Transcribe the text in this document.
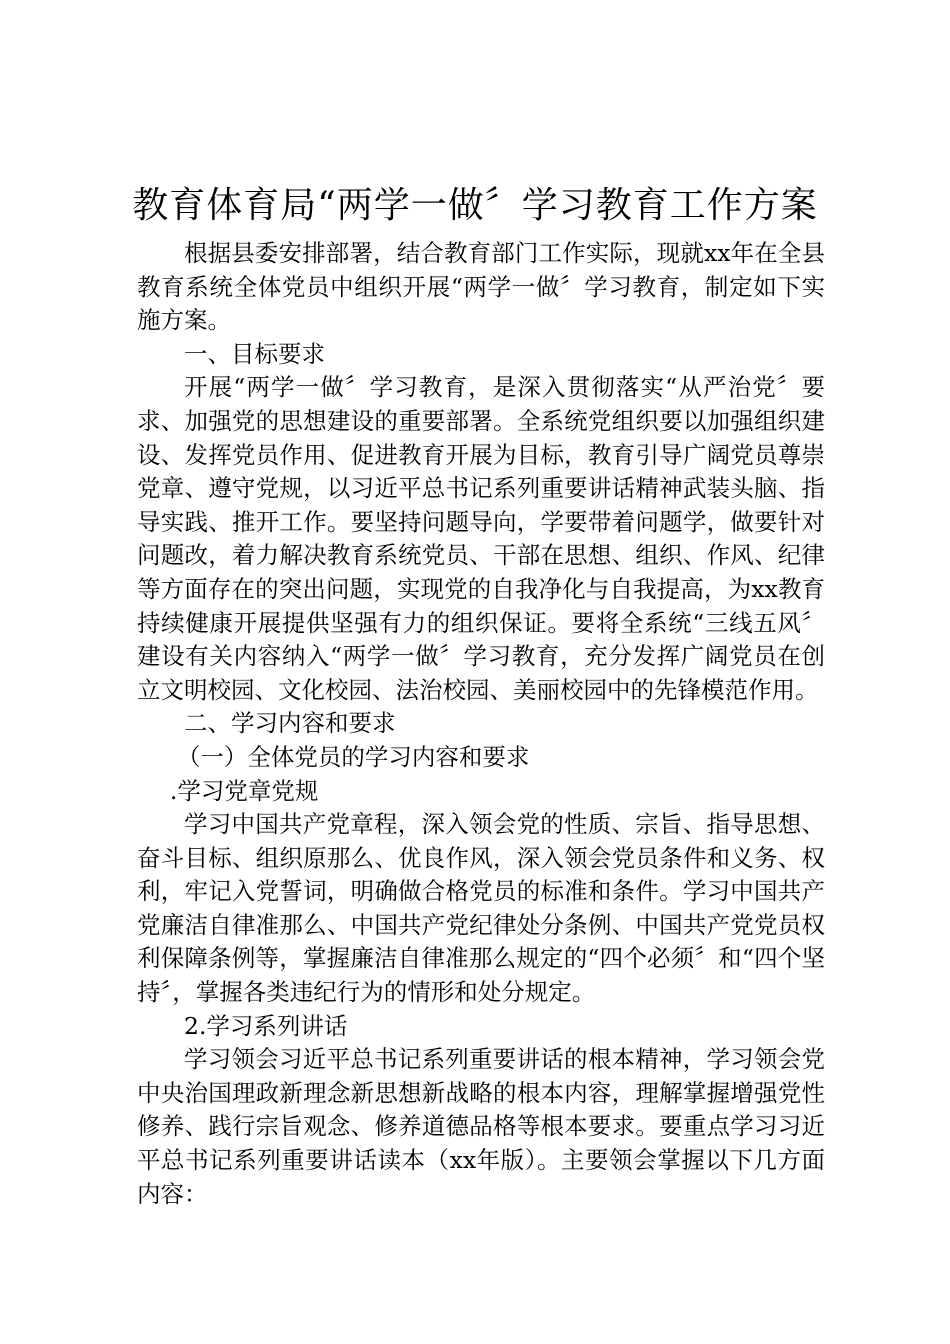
教育体育局“两学一做〞学习教育工作方案

根据县委安排部署，结合教育部门工作实际，现就xx年在全县教育系统全体党员中组织开展“两学一做〞学习教育，制定如下实施方案。

一、目标要求

开展“两学一做〞学习教育，是深入贯彻落实“从严治党〞要求、加强党的思想建设的重要部署。全系统党组织要以加强组织建设、发挥党员作用、促进教育开展为目标，教育引导广阔党员尊崇党章、遵守党规，以习近平总书记系列重要讲话精神武装头脑、指导实践、推开工作。要坚持问题导向，学要带着问题学，做要针对问题改，着力解决教育系统党员、干部在思想、组织、作风、纪律等方面存在的突出问题，实现党的自我净化与自我提高，为xx教育持续健康开展提供坚强有力的组织保证。要将全系统“三线五风〞建设有关内容纳入“两学一做〞学习教育，充分发挥广阔党员在创立文明校园、文化校园、法治校园、美丽校园中的先锋模范作用。

二、学习内容和要求

（一）全体党员的学习内容和要求

.学习党章党规

学习中国共产党章程，深入领会党的性质、宗旨、指导思想、奋斗目标、组织原那么、优良作风，深入领会党员条件和义务、权利，牢记入党誓词，明确做合格党员的标准和条件。学习中国共产党廉洁自律准那么、中国共产党纪律处分条例、中国共产党党员权利保障条例等，掌握廉洁自律准那么规定的“四个必须〞和“四个坚持〞，掌握各类违纪行为的情形和处分规定。

2.学习系列讲话

学习领会习近平总书记系列重要讲话的根本精神，学习领会党中央治国理政新理念新思想新战略的根本内容，理解掌握增强党性修养、践行宗旨观念、修养道德品格等根本要求。要重点学习习近平总书记系列重要讲话读本（xx年版）。主要领会掌握以下几方面内容：
